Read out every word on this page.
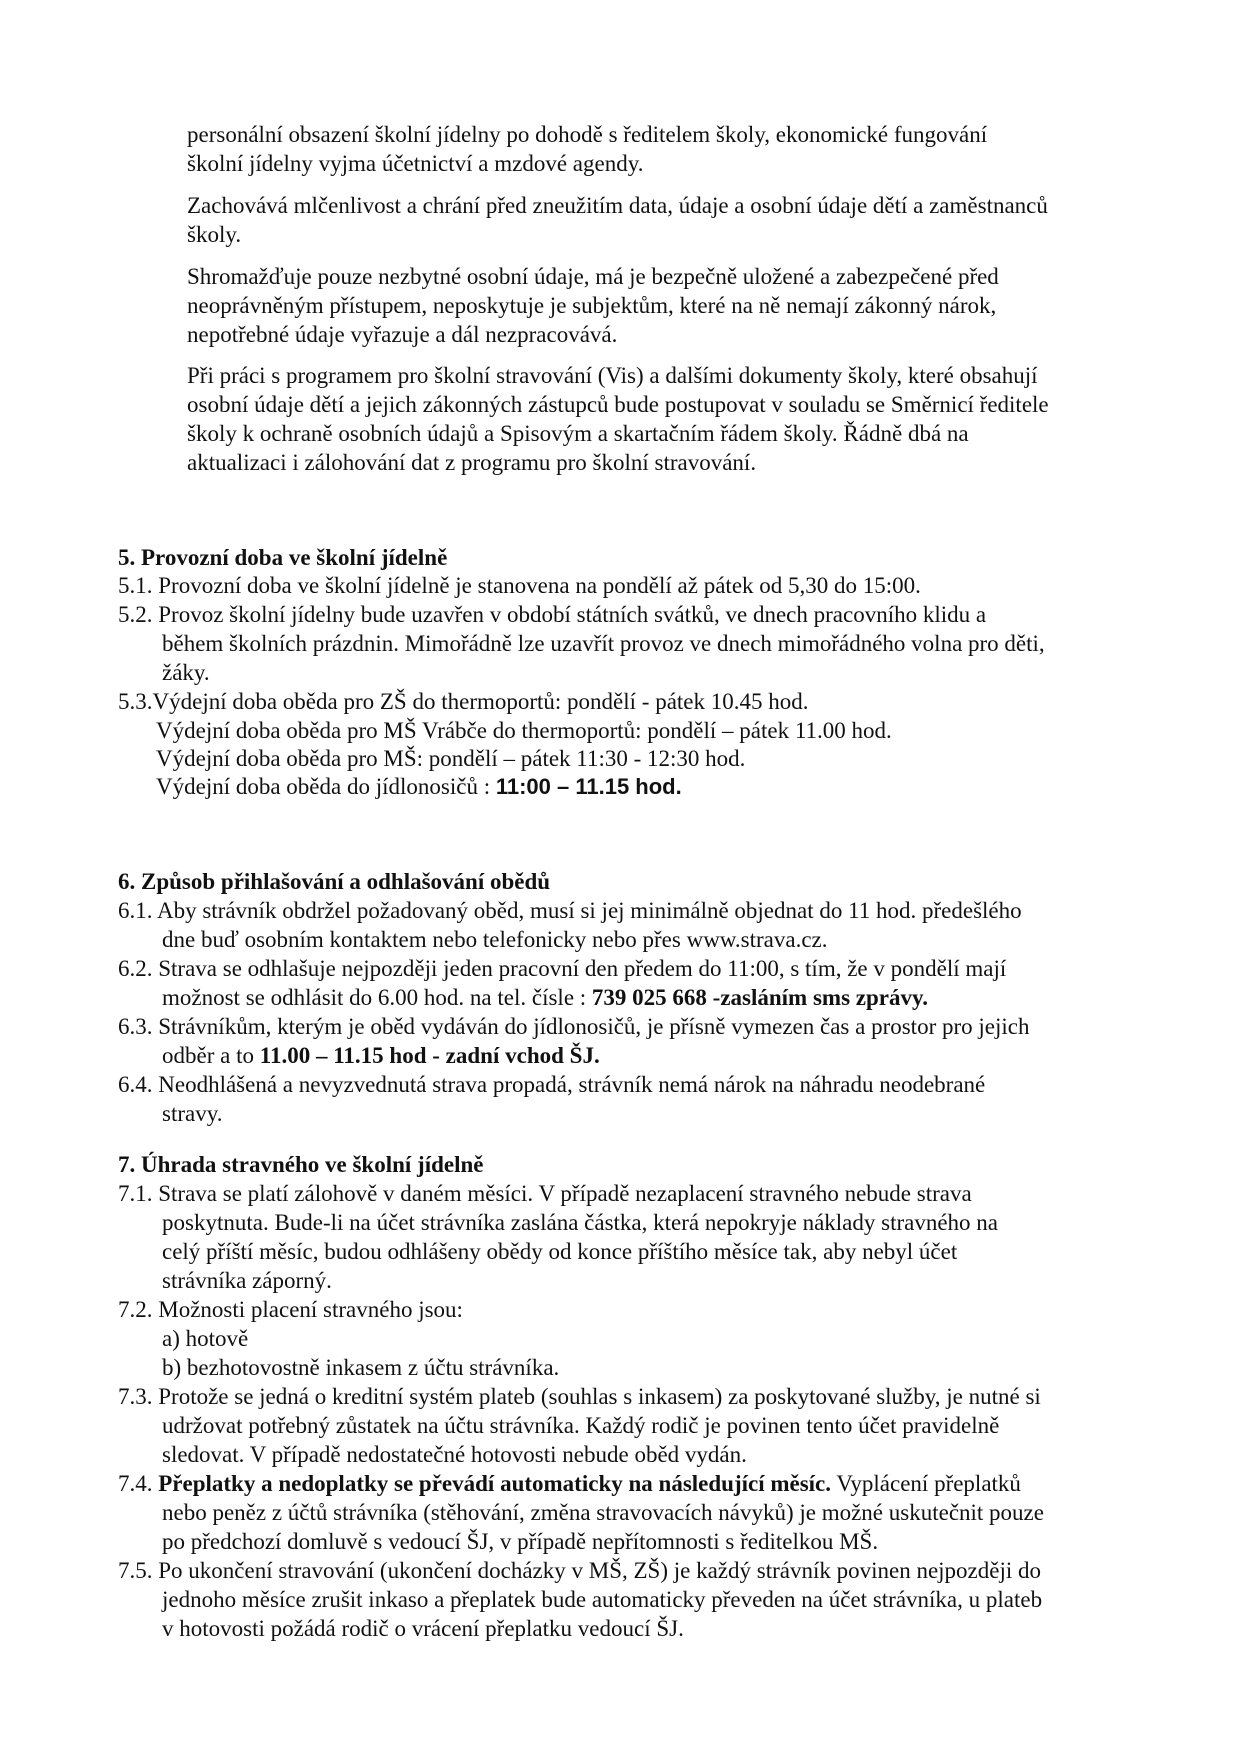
personální obsazení školní jídelny po dohodě s ředitelem školy, ekonomické fungování
školní jídelny vyjma účetnictví a mzdové agendy.
Zachovává mlčenlivost a chrání před zneužitím data, údaje a osobní údaje dětí a zaměstnanců
školy.
Shromažďuje pouze nezbytné osobní údaje, má je bezpečně uložené a zabezpečené před
neoprávněným přístupem, neposkytuje je subjektům, které na ně nemají zákonný nárok,
nepotřebné údaje vyřazuje a dál nezpracovává.
Při práci s programem pro školní stravování (Vis) a dalšími dokumenty školy, které obsahují
osobní údaje dětí a jejich zákonných zástupců bude postupovat v souladu se Směrnicí ředitele
školy k ochraně osobních údajů a Spisovým a skartačním řádem školy. Řádně dbá na
aktualizaci i zálohování dat z programu pro školní stravování.
5. Provozní doba ve školní jídelně
5.1. Provozní doba ve školní jídelně je stanovena na pondělí až pátek od 5,30 do 15:00.
5.2. Provoz školní jídelny bude uzavřen v období státních svátků, ve dnech pracovního klidu a
během školních prázdnin. Mimořádně lze uzavřít provoz ve dnech mimořádného volna pro děti,
žáky.
5.3.Výdejní doba oběda pro ZŠ do thermoportů: pondělí - pátek 10.45 hod.
Výdejní doba oběda pro MŠ Vrábče do thermoportů: pondělí – pátek 11.00 hod.
Výdejní doba oběda pro MŠ: pondělí – pátek 11:30 - 12:30 hod.
Výdejní doba oběda do jídlonosičů : 11:00 – 11.15 hod.
6. Způsob přihlašování a odhlašování obědů
6.1. Aby strávník obdržel požadovaný oběd, musí si jej minimálně objednat do 11 hod. předešlého
dne buď osobním kontaktem nebo telefonicky nebo přes www.strava.cz.
6.2. Strava se odhlašuje nejpozději jeden pracovní den předem do 11:00, s tím, že v pondělí mají
možnost se odhlásit do 6.00 hod. na tel. čísle : 739 025 668 -zasláním sms zprávy.
6.3. Strávníkům, kterým je oběd vydáván do jídlonosičů, je přísně vymezen čas a prostor pro jejich
odběr a to 11.00 – 11.15 hod - zadní vchod ŠJ.
6.4. Neodhlášená a nevyzvednutá strava propadá, strávník nemá nárok na náhradu neodebrané
stravy.
7. Úhrada stravného ve školní jídelně
7.1. Strava se platí zálohově v daném měsíci. V případě nezaplacení stravného nebude strava
poskytnuta. Bude-li na účet strávníka zaslána částka, která nepokryje náklady stravného na
celý příští měsíc, budou odhlášeny obědy od konce příštího měsíce tak, aby nebyl účet
strávníka záporný.
7.2. Možnosti placení stravného jsou:
a) hotově
b) bezhotovostně inkasem z účtu strávníka.
7.3. Protože se jedná o kreditní systém plateb (souhlas s inkasem) za poskytované služby, je nutné si
udržovat potřebný zůstatek na účtu strávníka. Každý rodič je povinen tento účet pravidelně
sledovat. V případě nedostatečné hotovosti nebude oběd vydán.
7.4. Přeplatky a nedoplatky se převádí automaticky na následující měsíc. Vyplácení přeplatků
nebo peněz z účtů strávníka (stěhování, změna stravovacích návyků) je možné uskutečnit pouze
po předchozí domluvě s vedoucí ŠJ, v případě nepřítomnosti s ředitelkou MŠ.
7.5. Po ukončení stravování (ukončení docházky v MŠ, ZŠ) je každý strávník povinen nejpozději do
jednoho měsíce zrušit inkaso a přeplatek bude automaticky převeden na účet strávníka, u plateb
v hotovosti požádá rodič o vrácení přeplatku vedoucí ŠJ.
